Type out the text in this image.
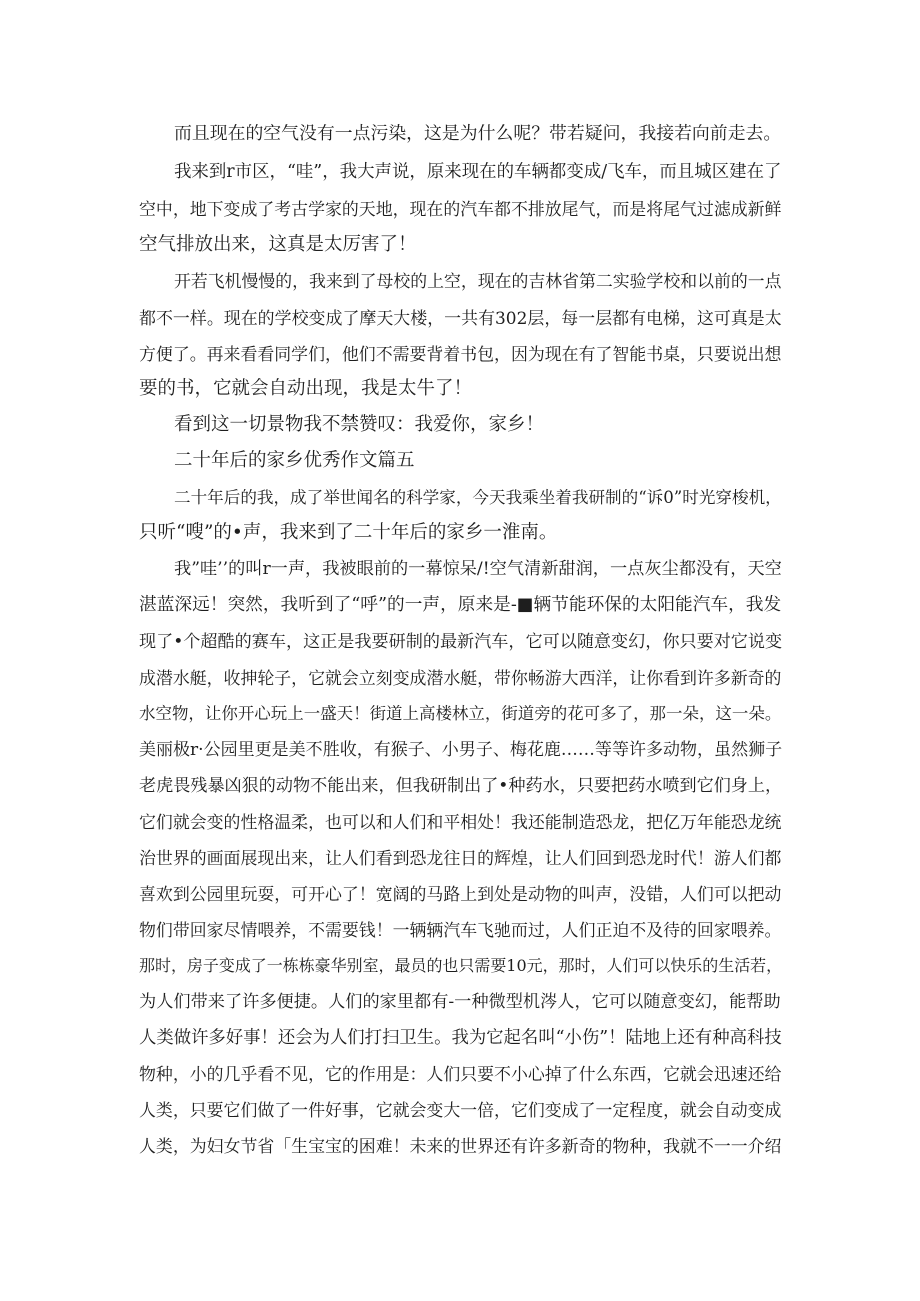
而且现在的空气没有一点污染，这是为什么呢？带若疑问，我接若向前走去。
我来到r市区，“哇”，我大声说，原来现在的车辆都变成/飞车，而且城区建在了
空中，地下变成了考古学家的天地，现在的汽车都不排放尾气，而是将尾气过滤成新鲜
空气排放出来，这真是太厉害了！
开若飞机慢慢的，我来到了母校的上空，现在的吉林省第二实验学校和以前的一点
都不一样。现在的学校变成了摩天大楼，一共有302层，每一层都有电梯，这可真是太
方便了。再来看看同学们，他们不需要背着书包，因为现在有了智能书桌，只要说出想
要的书，它就会自动出现，我是太牛了！
看到这一切景物我不禁赞叹：我爱你，家乡！
二十年后的家乡优秀作文篇五
二十年后的我，成了举世闻名的科学家，今天我乘坐着我研制的“诉0”时光穿梭机，
只听“嗖”的•声，我来到了二十年后的家乡一淮南。
我”哇’’的叫r一声，我被眼前的一幕惊呆/!空气清新甜润，一点灰尘都没有，天空
湛蓝深远！突然，我听到了“呼”的一声，原来是-■辆节能环保的太阳能汽车，我发
现了•个超酷的赛车，这正是我要研制的最新汽车，它可以随意变幻，你只要对它说变
成潜水艇，收抻轮子，它就会立刻变成潜水艇，带你畅游大西洋，让你看到许多新奇的
水空物，让你开心玩上一盛天！街道上高楼林立，街道旁的花可多了，那一朵，这一朵。
美丽极r·公园里更是美不胜收，有猴子、小男子、梅花鹿……等等许多动物，虽然狮子
老虎畏残暴凶狠的动物不能出来，但我研制出了•种药水，只要把药水喷到它们身上，
它们就会变的性格温柔，也可以和人们和平相处！我还能制造恐龙，把亿万年能恐龙统
治世界的画面展现出来，让人们看到恐龙往日的辉煌，让人们回到恐龙时代！游人们都
喜欢到公园里玩耍，可开心了！宽阔的马路上到处是动物的叫声，没错，人们可以把动
物们带回家尽情喂养，不需要钱！一辆辆汽车飞驰而过，人们正迫不及待的回家喂养。
那时，房子变成了一栋栋豪华别室，最员的也只需要10元，那时，人们可以快乐的生活若，
为人们带来了许多便捷。人们的家里都有-一种微型机涔人，它可以随意变幻，能帮助
人类做许多好事！还会为人们打扫卫生。我为它起名叫“小伤”！陆地上还有种高科技
物种，小的几乎看不见，它的作用是：人们只要不小心掉了什么东西，它就会迅速还给
人类，只要它们做了一件好事，它就会变大一倍，它们变成了一定程度，就会自动变成
人类，为妇女节省「生宝宝的困难！未来的世界还有许多新奇的物种，我就不一一介绍
